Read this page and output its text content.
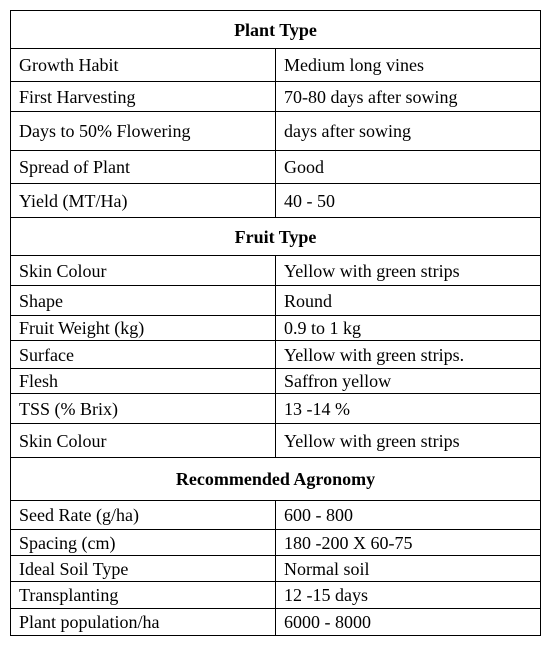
Plant Type	
Growth Habit	Medium long vines
First Harvesting	70-80 days after sowing
Days to 50% Flowering	days after sowing
Spread of Plant	Good
Yield (MT/Ha)	40 - 50
Fruit Type	
Skin Colour	Yellow with green strips
Shape	Round
Fruit Weight (kg)	0.9 to 1 kg
Surface	Yellow with green strips.
Flesh	Saffron yellow
TSS (% Brix)	13 -14 %
Skin Colour	Yellow with green strips
Recommended Agronomy	
Seed Rate (g/ha)	600 - 800
Spacing (cm)	180 -200 X 60-75
Ideal Soil Type	Normal soil
Transplanting	12 -15 days
Plant population/ha	6000 - 8000
